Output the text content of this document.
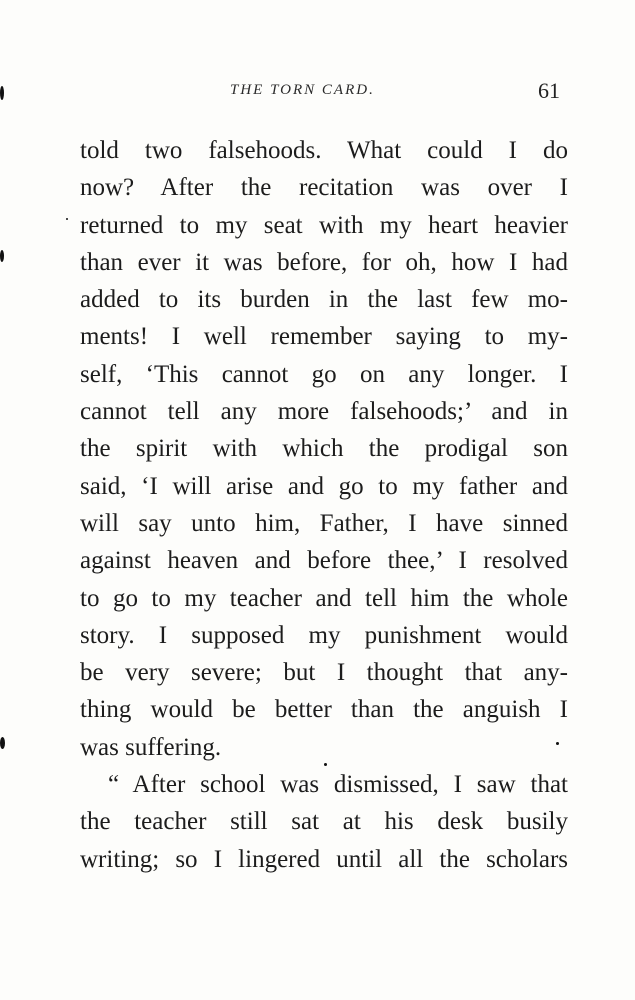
THE TORN CARD.	61
told two falsehoods. What could I do
now? After the recitation was over I
returned to my seat with my heart heavier
than ever it was before, for oh, how I had
added to its burden in the last few mo-
ments! I well remember saying to my-
self, ‘This cannot go on any longer. I
cannot tell any more falsehoods;’ and in
the spirit with which the prodigal son
said, ‘I will arise and go to my father and
will say unto him, Father, I have sinned
against heaven and before thee,’ I resolved
to go to my teacher and tell him the whole
story. I supposed my punishment would
be very severe; but I thought that any-
thing would be better than the anguish I
was suffering.
“ After school was dismissed, I saw that
the teacher still sat at his desk busily
writing; so I lingered until all the scholars
